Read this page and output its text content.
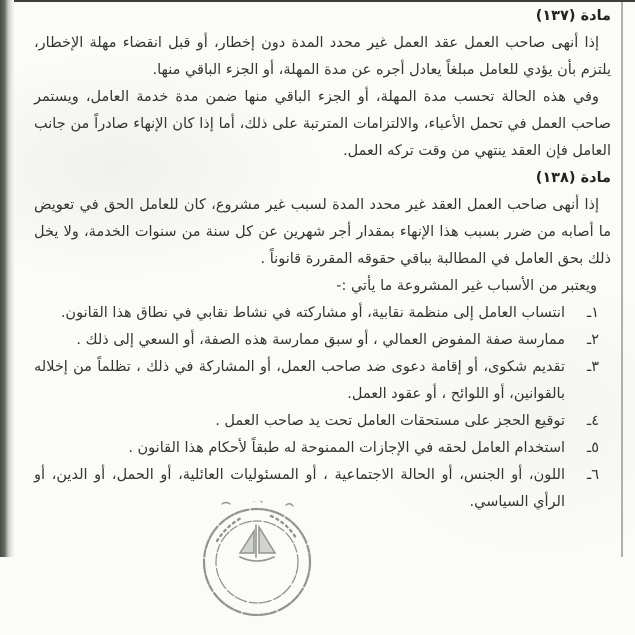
مادة (١٣٧)

إذا أنهى صاحب العمل عقد العمل غير محدد المدة دون إخطار، أو قبل انقضاء مهلة الإخطار، يلتزم بأن يؤدي للعامل مبلغاً يعادل أجره عن مدة المهلة، أو الجزء الباقي منها.

وفي هذه الحالة تحسب مدة المهلة، أو الجزء الباقي منها ضمن مدة خدمة العامل، ويستمر صاحب العمل في تحمل الأعباء، والالتزامات المترتبة على ذلك، أما إذا كان الإنهاء صادراً من جانب العامل فإن العقد ينتهي من وقت تركه العمل.

مادة (١٣٨)

إذا أنهى صاحب العمل العقد غير محدد المدة لسبب غير مشروع، كان للعامل الحق في تعويض ما أصابه من ضرر بسبب هذا الإنهاء بمقدار أجر شهرين عن كل سنة من سنوات الخدمة، ولا يخل ذلك بحق العامل في المطالبة بباقي حقوقه المقررة قانوناً .

ويعتبر من الأسباب غير المشروعة ما يأتي :-

١ـ
انتساب العامل إلى منظمة نقابية، أو مشاركته في نشاط نقابي في نطاق هذا القانون.
٢ـ
ممارسة صفة المفوض العمالي ، أو سبق ممارسة هذه الصفة، أو السعي إلى ذلك .
٣ـ
تقديم شكوى، أو إقامة دعوى ضد صاحب العمل، أو المشاركة في ذلك ، تظلماً من إخلاله بالقوانين، أو اللوائح ، أو عقود العمل.
٤ـ
توقيع الحجز على مستحقات العامل تحت يد صاحب العمل .
٥ـ
استخدام العامل لحقه في الإجازات الممنوحة له طبقاً لأحكام هذا القانون .
٦ـ
اللون، أو الجنس، أو الحالة الاجتماعية ، أو المسئوليات العائلية، أو الحمل، أو الدين، أو الرأي السياسي.
